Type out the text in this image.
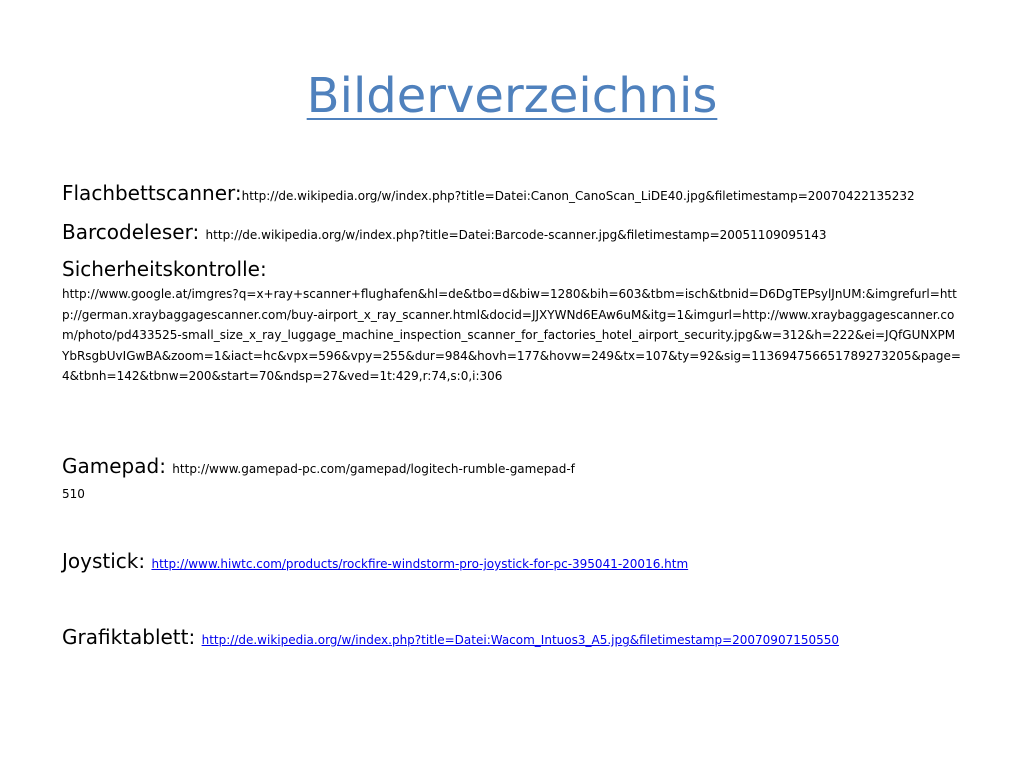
Bilderverzeichnis
Flachbettscanner:http://de.wikipedia.org/w/index.php?title=Datei:Canon_CanoScan_LiDE40.jpg&filetimestamp=20070422135232
Barcodeleser: http://de.wikipedia.org/w/index.php?title=Datei:Barcode-scanner.jpg&filetimestamp=20051109095143
Sicherheitskontrolle:
http://www.google.at/imgres?q=x+ray+scanner+flughafen&hl=de&tbo=d&biw=1280&bih=603&tbm=isch&tbnid=D6DgTEPsylJnUM:&imgrefurl=http://german.xraybaggagescanner.com/buy-airport_x_ray_scanner.html&docid=JJXYWNd6EAw6uM&itg=1&imgurl=http://www.xraybaggagescanner.com/photo/pd433525-small_size_x_ray_luggage_machine_inspection_scanner_for_factories_hotel_airport_security.jpg&w=312&h=222&ei=JQfGUNXPMYbRsgbUvIGwBA&zoom=1&iact=hc&vpx=596&vpy=255&dur=984&hovh=177&hovw=249&tx=107&ty=92&sig=113694756651789273205&page=4&tbnh=142&tbnw=200&start=70&ndsp=27&ved=1t:429,r:74,s:0,i:306
Gamepad: http://www.gamepad-pc.com/gamepad/logitech-rumble-gamepad-f
510
Joystick: http://www.hiwtc.com/products/rockfire-windstorm-pro-joystick-for-pc-395041-20016.htm
Grafiktablett: http://de.wikipedia.org/w/index.php?title=Datei:Wacom_Intuos3_A5.jpg&filetimestamp=20070907150550
